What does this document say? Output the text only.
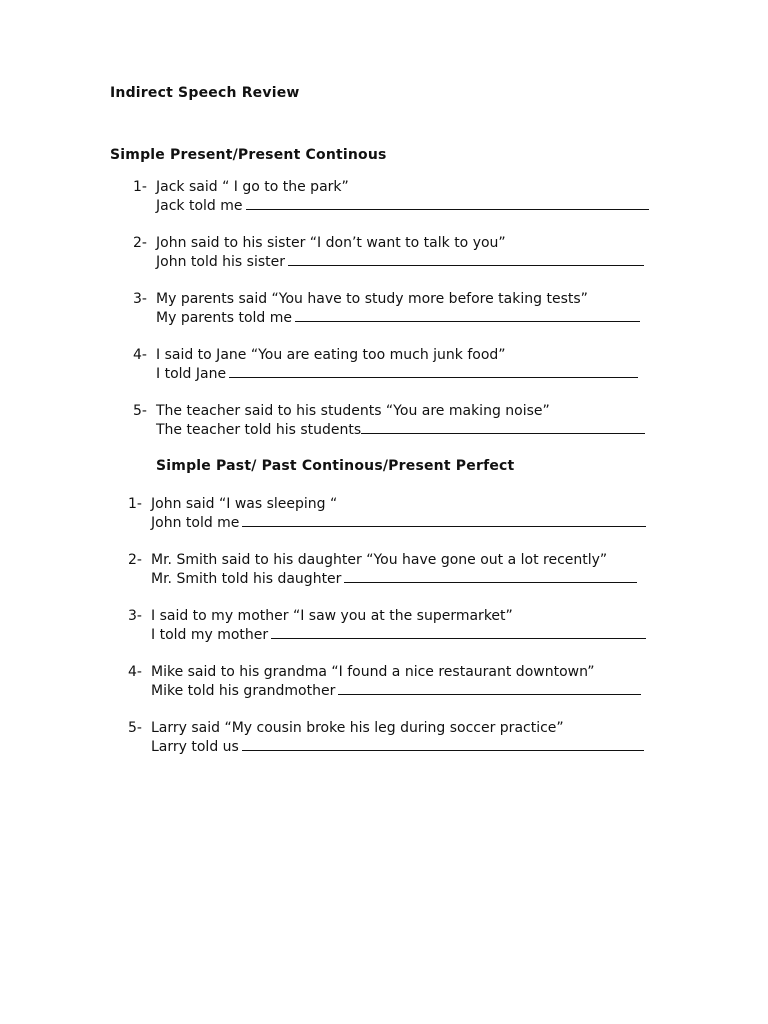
Indirect Speech Review
Simple Present/Present Continous
1- Jack said “ I go to the park”
Jack told me
2- John said to his sister “I don’t want to talk to you”
John told his sister
3- My parents said “You have to study more before taking tests”
My parents told me
4- I said to Jane “You are eating too much junk food”
I told Jane
5- The teacher said to his students “You are making noise”
The teacher told his students
Simple Past/ Past Continous/Present Perfect
1- John said “I was sleeping “
John told me
2- Mr. Smith said to his daughter “You have gone out a lot recently”
Mr. Smith told his daughter
3- I said to my mother “I saw you at the supermarket”
I told my mother
4- Mike said to his grandma “I found a nice restaurant downtown”
Mike told his grandmother
5- Larry said “My cousin broke his leg during soccer practice”
Larry told us
